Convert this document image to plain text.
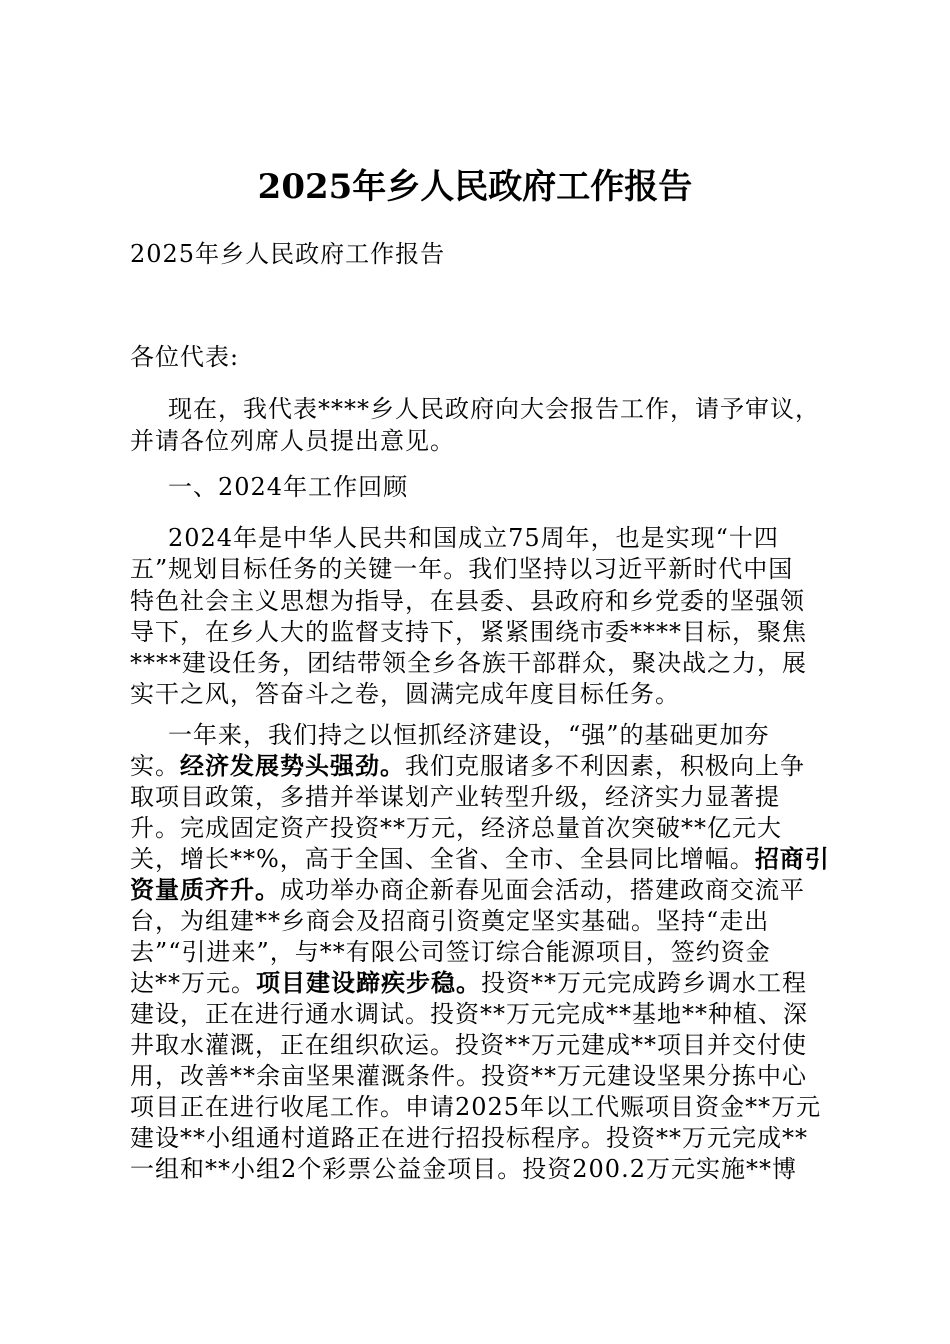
2025年乡人民政府工作报告
2025年乡人民政府工作报告
各位代表:
现在，我代表****乡人民政府向大会报告工作，请予审议，
并请各位列席人员提出意见。
一、2024年工作回顾
2024年是中华人民共和国成立75周年，也是实现“十四
五”规划目标任务的关键一年。我们坚持以习近平新时代中国
特色社会主义思想为指导，在县委、县政府和乡党委的坚强领
导下，在乡人大的监督支持下，紧紧围绕市委****目标，聚焦
****建设任务，团结带领全乡各族干部群众，聚决战之力，展
实干之风，答奋斗之卷，圆满完成年度目标任务。
一年来，我们持之以恒抓经济建设，“强”的基础更加夯
实。经济发展势头强劲。我们克服诸多不利因素，积极向上争
取项目政策，多措并举谋划产业转型升级，经济实力显著提
升。完成固定资产投资**万元，经济总量首次突破**亿元大
关，增长**%，高于全国、全省、全市、全县同比增幅。招商引
资量质齐升。成功举办商企新春见面会活动，搭建政商交流平
台，为组建**乡商会及招商引资奠定坚实基础。坚持“走出
去”“引进来”，与**有限公司签订综合能源项目，签约资金
达**万元。项目建设蹄疾步稳。投资**万元完成跨乡调水工程
建设，正在进行通水调试。投资**万元完成**基地**种植、深
井取水灌溉，正在组织砍运。投资**万元建成**项目并交付使
用，改善**余亩坚果灌溉条件。投资**万元建设坚果分拣中心
项目正在进行收尾工作。申请2025年以工代赈项目资金**万元
建设**小组通村道路正在进行招投标程序。投资**万元完成**
一组和**小组2个彩票公益金项目。投资200.2万元实施**博
